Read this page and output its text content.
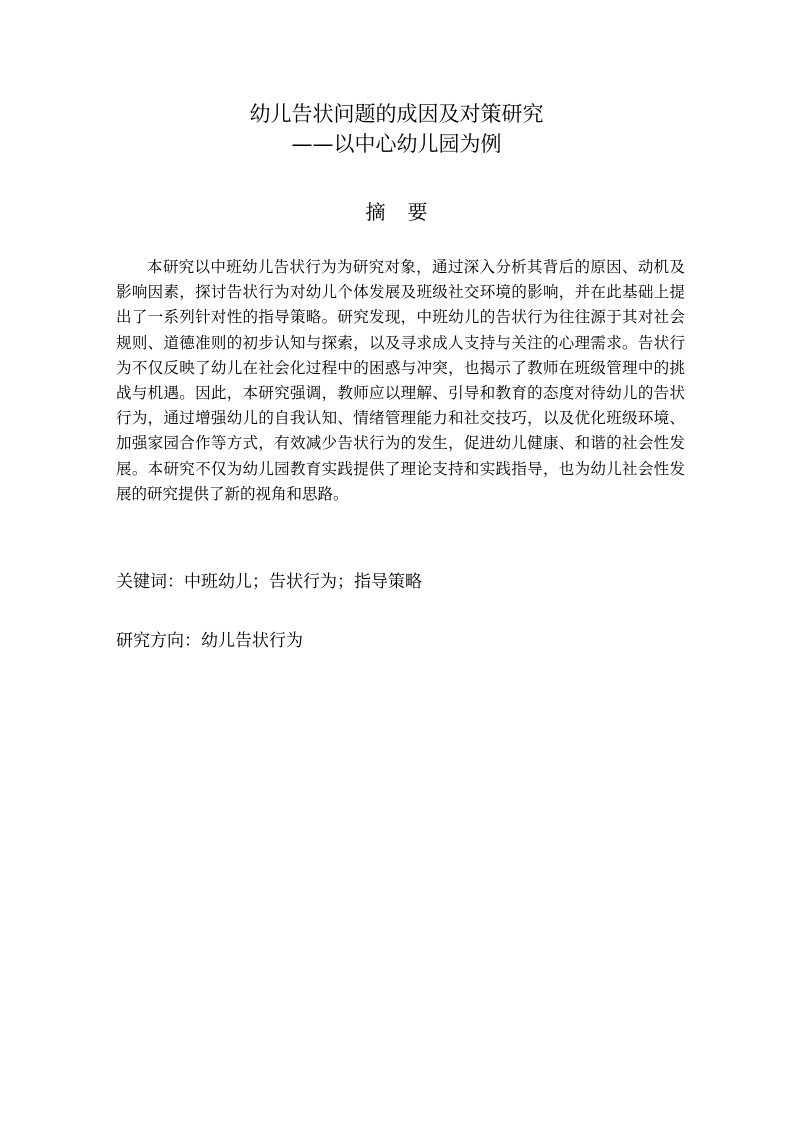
幼儿告状问题的成因及对策研究
——以中心幼儿园为例
摘要

本研究以中班幼儿告状行为为研究对象，通过深入分析其背后的原因、动机及影响因素，探讨告状行为对幼儿个体发展及班级社交环境的影响，并在此基础上提出了一系列针对性的指导策略。研究发现，中班幼儿的告状行为往往源于其对社会规则、道德准则的初步认知与探索，以及寻求成人支持与关注的心理需求。告状行为不仅反映了幼儿在社会化过程中的困惑与冲突，也揭示了教师在班级管理中的挑战与机遇。因此，本研究强调，教师应以理解、引导和教育的态度对待幼儿的告状行为，通过增强幼儿的自我认知、情绪管理能力和社交技巧，以及优化班级环境、加强家园合作等方式，有效减少告状行为的发生，促进幼儿健康、和谐的社会性发展。本研究不仅为幼儿园教育实践提供了理论支持和实践指导，也为幼儿社会性发展的研究提供了新的视角和思路。

关键词：中班幼儿；告状行为；指导策略

研究方向：幼儿告状行为
